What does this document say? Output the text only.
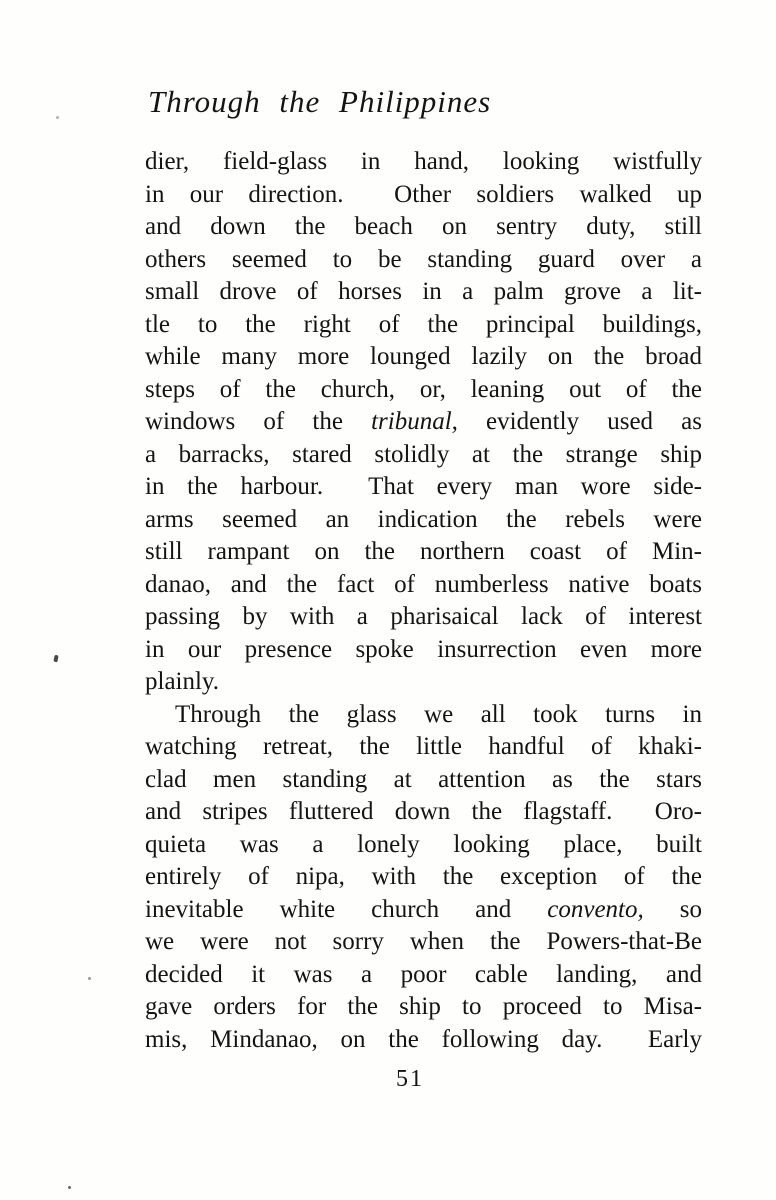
Through the Philippines
dier, field-glass in hand, looking wistfully
in our direction.  Other soldiers walked up
and down the beach on sentry duty, still
others seemed to be standing guard over a
small drove of horses in a palm grove a lit-
tle to the right of the principal buildings,
while many more lounged lazily on the broad
steps of the church, or, leaning out of the
windows of the tribunal, evidently used as
a barracks, stared stolidly at the strange ship
in the harbour.  That every man wore side-
arms seemed an indication the rebels were
still rampant on the northern coast of Min-
danao, and the fact of numberless native boats
passing by with a pharisaical lack of interest
in our presence spoke insurrection even more
plainly.
Through the glass we all took turns in
watching retreat, the little handful of khaki-
clad men standing at attention as the stars
and stripes fluttered down the flagstaff.  Oro-
quieta was a lonely looking place, built
entirely of nipa, with the exception of the
inevitable white church and convento, so
we were not sorry when the Powers-that-Be
decided it was a poor cable landing, and
gave orders for the ship to proceed to Misa-
mis, Mindanao, on the following day.  Early
51
